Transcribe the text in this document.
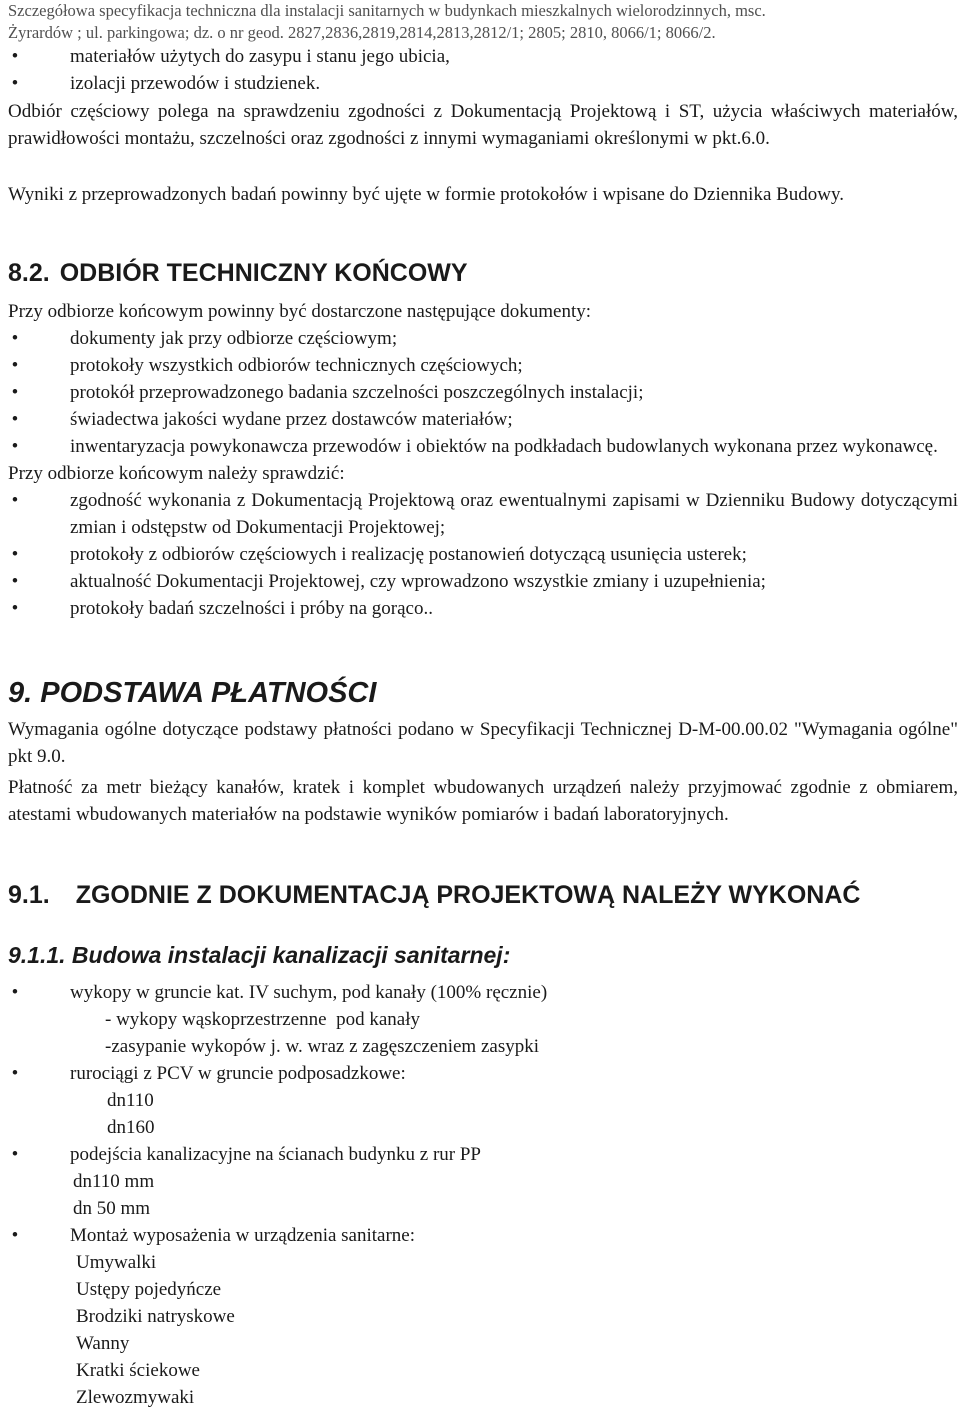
Szczegółowa specyfikacja techniczna dla instalacji sanitarnych w budynkach mieszkalnych wielorodzinnych, msc.
Żyrardów ; ul. parkingowa; dz. o nr geod. 2827,2836,2819,2814,2813,2812/1; 2805; 2810, 8066/1; 8066/2.
•	materiałów użytych do zasypu i stanu jego ubicia,
•	izolacji przewodów i studzienek.
Odbiór częściowy polega na sprawdzeniu zgodności z Dokumentacją Projektową i ST, użycia właściwych materiałów, prawidłowości montażu, szczelności oraz zgodności z innymi wymaganiami określonymi w pkt.6.0.
Wyniki z przeprowadzonych badań powinny być ujęte w formie protokołów i wpisane do Dziennika Budowy.
8.2. ODBIÓR TECHNICZNY KOŃCOWY
Przy odbiorze końcowym powinny być dostarczone następujące dokumenty:
•	dokumenty jak przy odbiorze częściowym;
•	protokoły wszystkich odbiorów technicznych częściowych;
•	protokół przeprowadzonego badania szczelności poszczególnych instalacji;
•	świadectwa jakości wydane przez dostawców materiałów;
•	inwentaryzacja powykonawcza przewodów i obiektów na podkładach budowlanych wykonana przez wykonawcę.
Przy odbiorze końcowym należy sprawdzić:
•	zgodność wykonania z Dokumentacją Projektową oraz ewentualnymi zapisami w Dzienniku Budowy dotyczącymi zmian i odstępstw od Dokumentacji Projektowej;
•	protokoły z odbiorów częściowych i realizację postanowień dotyczącą usunięcia usterek;
•	aktualność Dokumentacji Projektowej, czy wprowadzono wszystkie zmiany i uzupełnienia;
•	protokoły badań szczelności i próby na gorąco..
9. PODSTAWA PŁATNOŚCI
Wymagania ogólne dotyczące podstawy płatności podano w Specyfikacji Technicznej D-M-00.00.02 "Wymagania ogólne" pkt 9.0.
Płatność za metr bieżący kanałów, kratek i komplet wbudowanych urządzeń należy przyjmować zgodnie z obmiarem, atestami wbudowanych materiałów na podstawie wyników pomiarów i badań laboratoryjnych.
9.1. ZGODNIE Z DOKUMENTACJĄ PROJEKTOWĄ NALEŻY WYKONAĆ
9.1.1. Budowa instalacji kanalizacji sanitarnej:
•	wykopy w gruncie kat. IV suchym, pod kanały (100% ręcznie)
- wykopy wąskoprzestrzenne  pod kanały
-zasypanie wykopów j. w. wraz z zagęszczeniem zasypki
•	rurociągi z PCV w gruncie podposadzkowe:
dn110
dn160
•	podejścia kanalizacyjne na ścianach budynku z rur PP
dn110 mm
dn 50 mm
•	Montaż wyposażenia w urządzenia sanitarne:
Umywalki
Ustępy pojedyńcze
Brodziki natryskowe
Wanny
Kratki ściekowe
Zlewozmywaki
